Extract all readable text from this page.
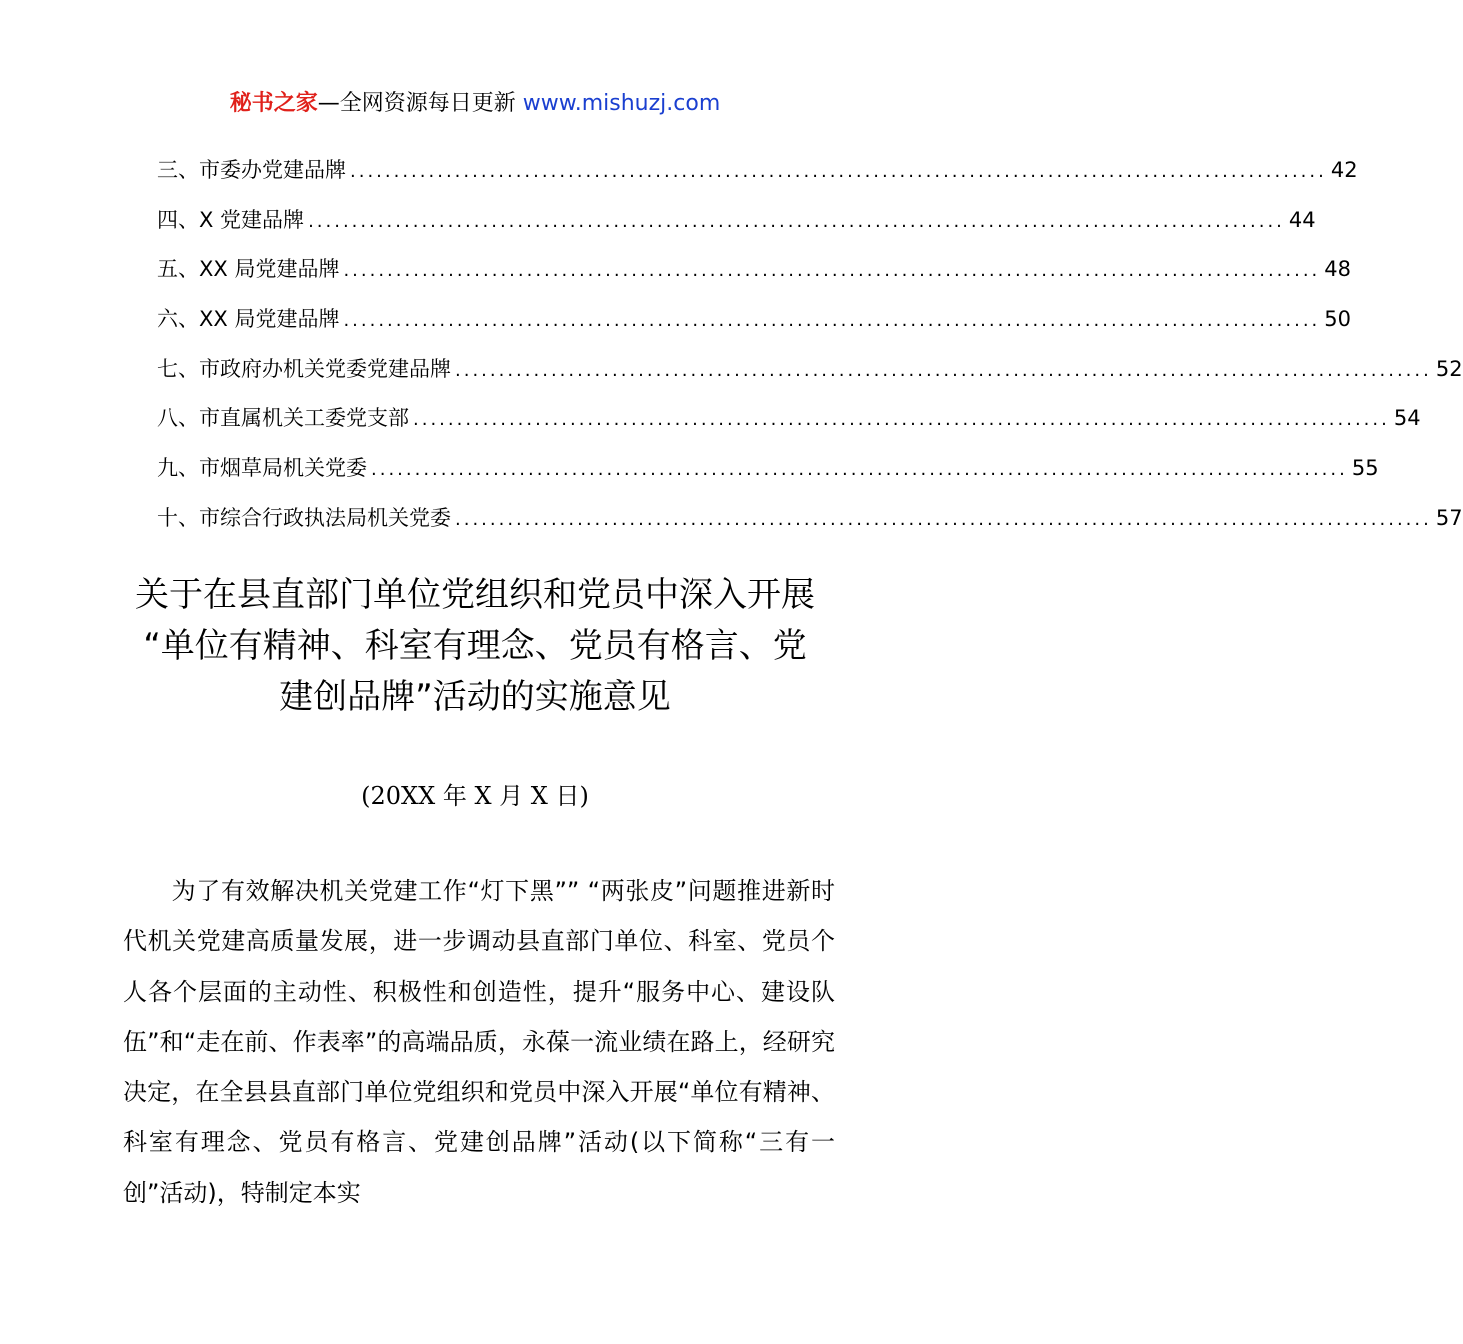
秘书之家—全网资源每日更新 www.mishuzj.com
三、市委办党建品牌 ................................................................................................................ 42
四、X 党建品牌 ................................................................................................................ 44
五、XX 局党建品牌 ................................................................................................................ 48
六、XX 局党建品牌 ................................................................................................................ 50
七、市政府办机关党委党建品牌 ................................................................................................................ 52
八、市直属机关工委党支部 ................................................................................................................ 54
九、市烟草局机关党委 ................................................................................................................ 55
十、市综合行政执法局机关党委 ................................................................................................................ 57
关于在县直部门单位党组织和党员中深入开展
“单位有精神、科室有理念、党员有格言、党
建创品牌”活动的实施意见
(20XX 年 X 月 X 日)
为了有效解决机关党建工作“灯下黑”” “两张皮”问题推进新时代机关党建高质量发展，进一步调动县直部门单位、科室、党员个人各个层面的主动性、积极性和创造性，提升“服务中心、建设队伍”和“走在前、作表率”的高端品质，永葆一流业绩在路上，经研究决定，在全县县直部门单位党组织和党员中深入开展“单位有精神、科室有理念、党员有格言、党建创品牌”活动(以下简称“三有一创”活动)，特制定本实
